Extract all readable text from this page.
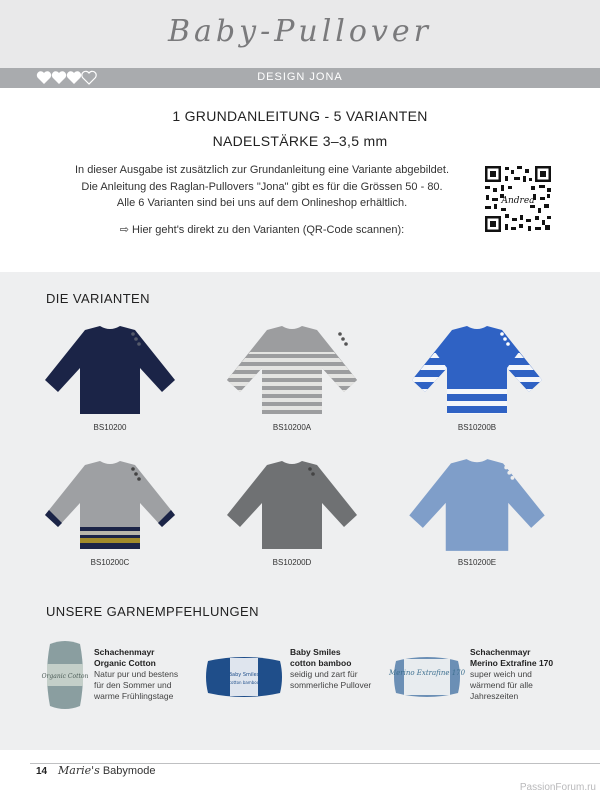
Baby-Pullover
DESIGN JONA
1 GRUNDANLEITUNG - 5 VARIANTEN
NADELSTÄRKE 3–3,5 mm

In dieser Ausgabe ist zusätzlich zur Grundanleitung eine Variante abgebildet.

Die Anleitung des Raglan-Pullovers "Jona" gibt es für die Grössen 50 - 80.

Alle 6 Varianten sind bei uns auf dem Onlineshop erhältlich.

⇨ Hier geht's direkt zu den Varianten (QR-Code scannen):
Andrea
DIE VARIANTEN
BS10200	BS10200A	BS10200B
BS10200C	BS10200D	BS10200E
UNSERE GARNEMPFEHLUNGEN
Organic Cotton
Schachenmayr
Organic Cotton
Natur pur und bestens
für den Sommer und
warme Frühlingstage
Baby Smiles
cotton bamboo
Baby Smiles
cotton bamboo
seidig und zart für
sommerliche Pullover
Merino Extrafine 170
Schachenmayr
Merino Extrafine 170
super weich und
wärmend für alle
Jahreszeiten
14 Marie's Babymode
PassionForum.ru
